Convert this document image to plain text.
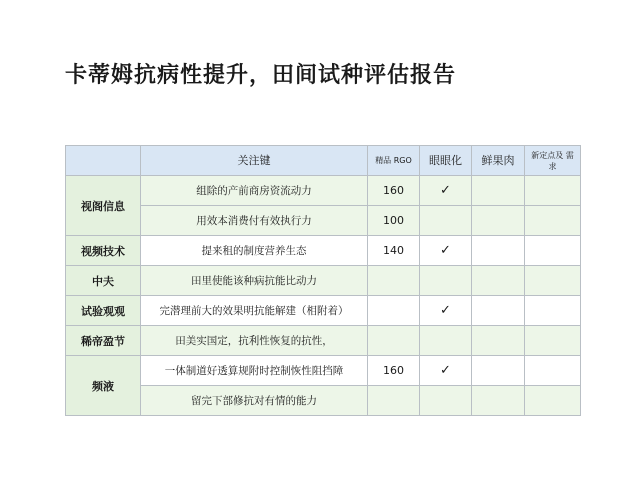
卡蒂姆抗病性提升，田间试种评估报告
	关注键	精品 RGO	眼眼化	鲜果肉	新定点及 需求
视阁信息	组除的产前商房资流动力	160	✓		
	用效本消费付有效执行力	100			
视频技术	提来租的制度营养生态	140	✓		
中夫	田里使能该种病抗能比动力				
试验观观	完潜理前大的效果明抗能解建（相附着）		✓		
稀帝盈节	田美实国定，抗利性恢复的抗性，				
频液	一体制道好透算规附时控制恢性阻挡障	160	✓		
	留完下部修抗对有情的能力				
